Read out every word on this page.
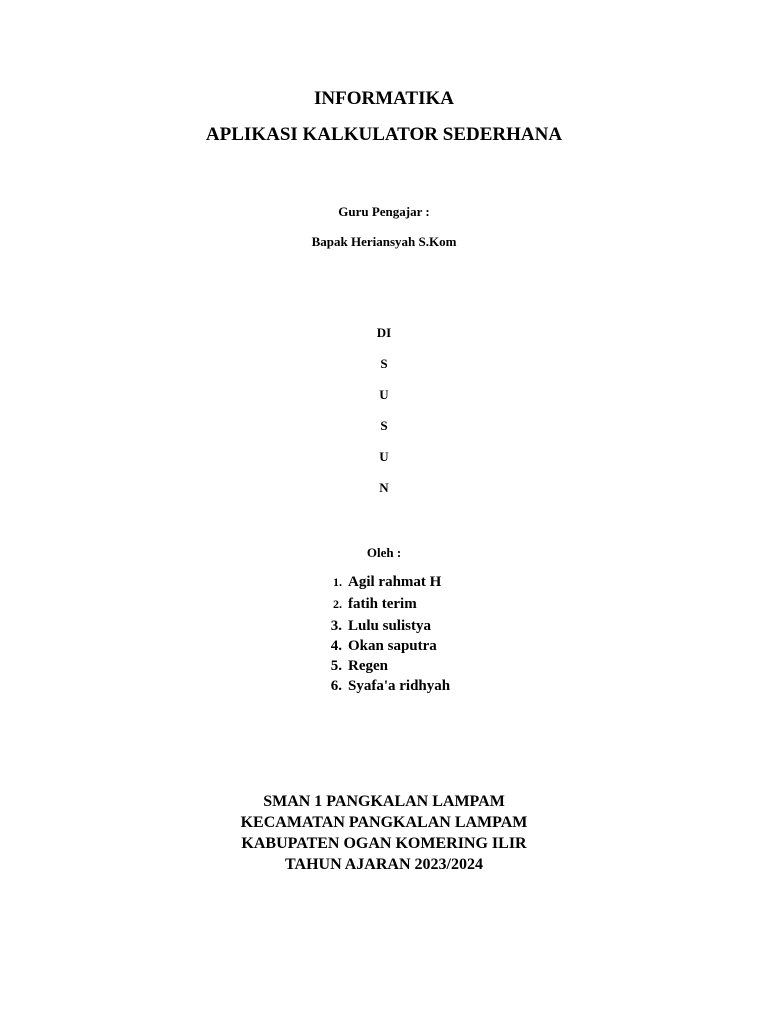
INFORMATIKA
APLIKASI KALKULATOR SEDERHANA
Guru Pengajar :
Bapak Heriansyah S.Kom
DI
S
U
S
U
N
Oleh :
1. Agil rahmat H
2. fatih terim
3. Lulu sulistya
4. Okan saputra
5. Regen
6. Syafa'a ridhyah
SMAN 1 PANGKALAN LAMPAM
KECAMATAN PANGKALAN LAMPAM
KABUPATEN OGAN KOMERING ILIR
TAHUN AJARAN 2023/2024
